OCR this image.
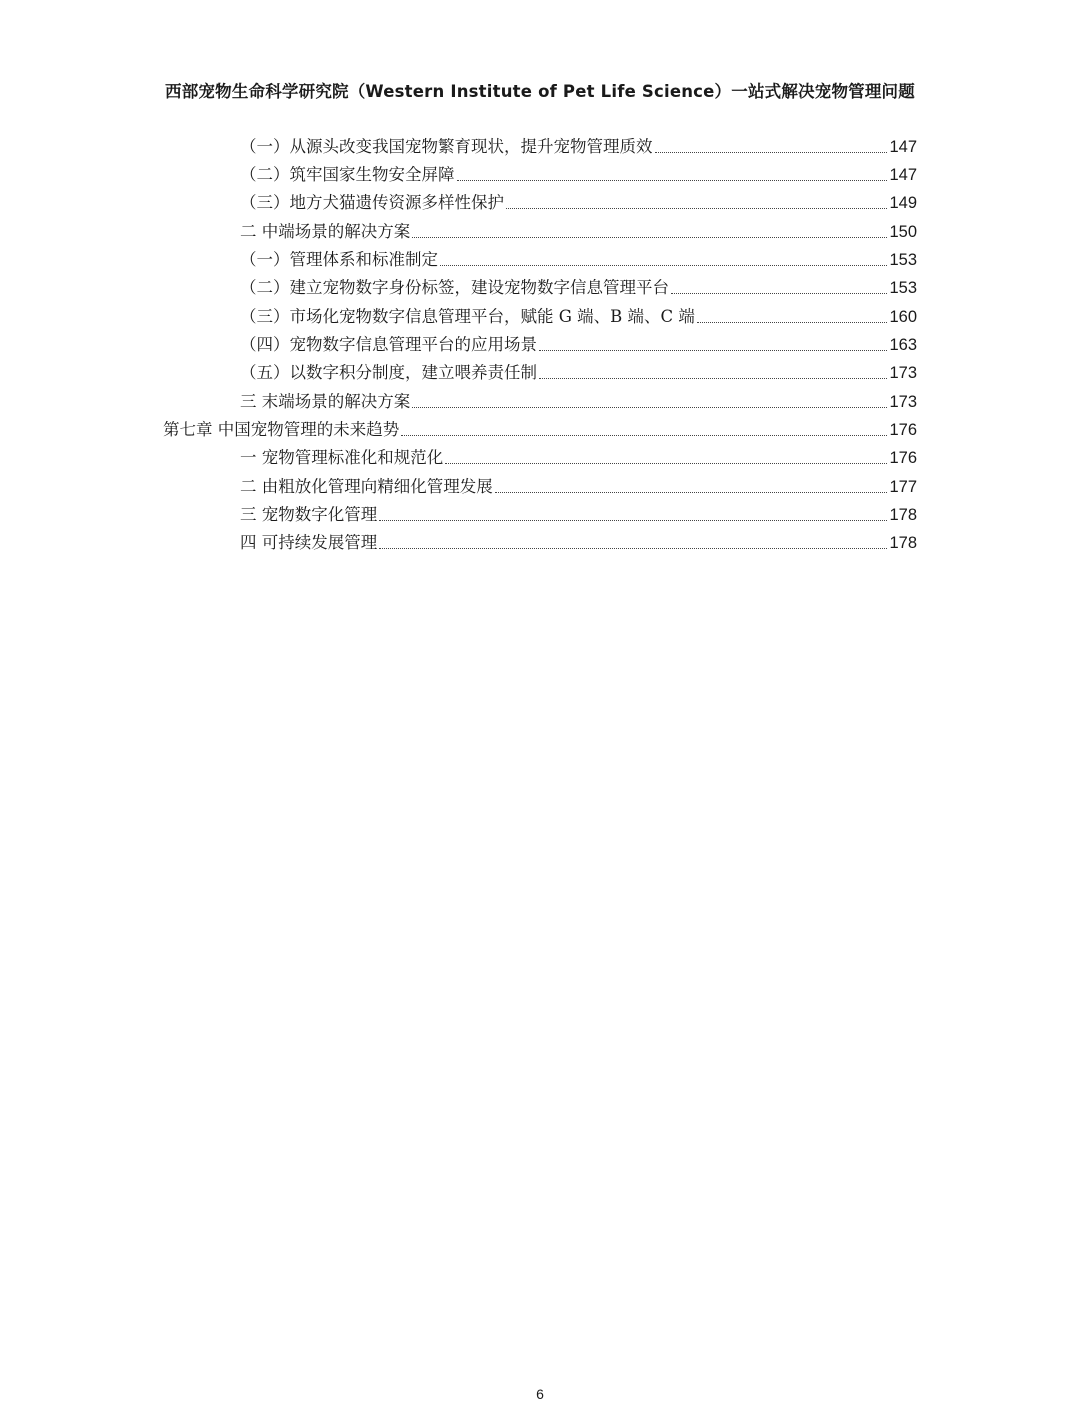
西部宠物生命科学研究院（Western Institute of Pet Life Science）一站式解决宠物管理问题
（一）从源头改变我国宠物繁育现状，提升宠物管理质效	147
（二）筑牢国家生物安全屏障	147
（三）地方犬猫遗传资源多样性保护	149
二 中端场景的解决方案	150
（一）管理体系和标准制定	153
（二）建立宠物数字身份标签，建设宠物数字信息管理平台	153
（三）市场化宠物数字信息管理平台，赋能 G 端、B 端、C 端	160
（四）宠物数字信息管理平台的应用场景	163
（五）以数字积分制度，建立喂养责任制	173
三 末端场景的解决方案	173
第七章 中国宠物管理的未来趋势	176
一 宠物管理标准化和规范化	176
二 由粗放化管理向精细化管理发展	177
三 宠物数字化管理	178
四 可持续发展管理	178
6
